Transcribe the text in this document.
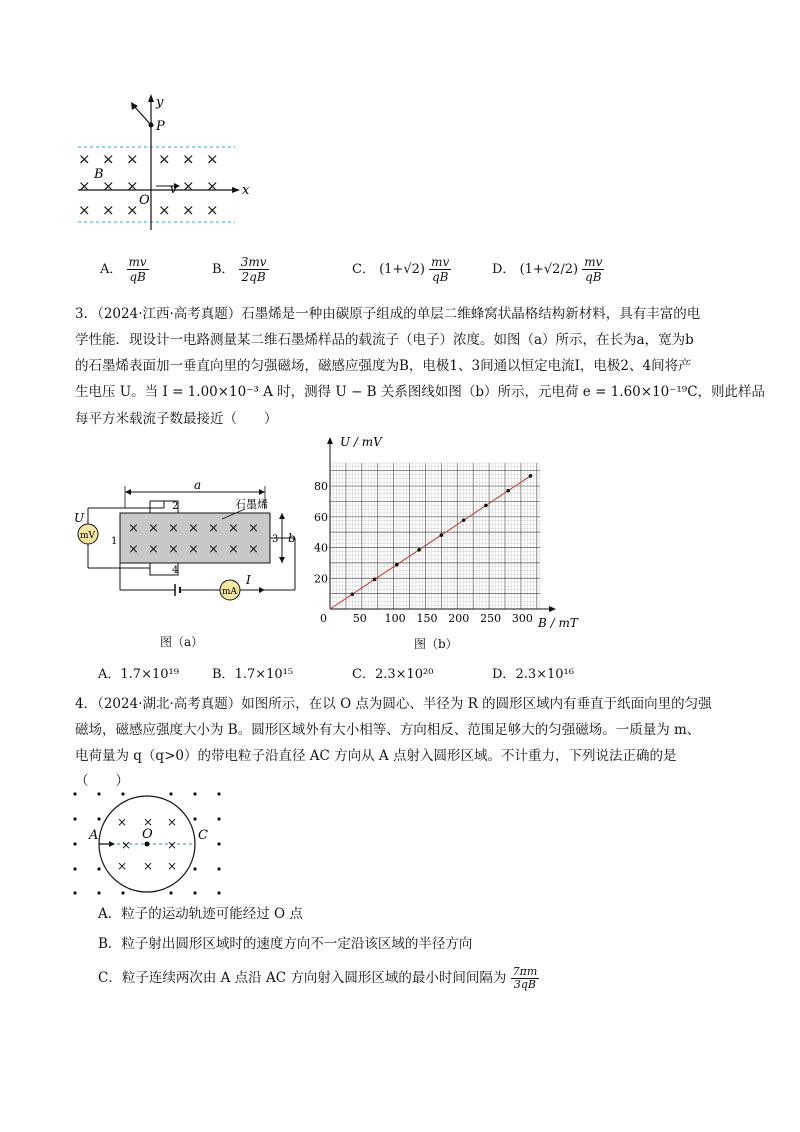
× × × × × ×
× × ×	× ×
× × × × × ×
y
P
B
O
v	x
A． $\frac{mv}{qB}$	B． $\frac{3mv}{2qB}$	C． $(1+√2) \frac{mv}{qB}$	D． $(1+√2/2) \frac{mv}{qB}$
3．（2024·江西·高考真题）石墨烯是一种由碳原子组成的单层二维蜂窝状晶格结构新材料，具有丰富的电
学性能．现设计一电路测量某二维石墨烯样品的载流子（电子）浓度。如图（a）所示，在长为a，宽为b
的石墨烯表面加一垂直向里的匀强磁场，磁感应强度为B，电极1、3间通以恒定电流I，电极2、4间将产
生电压 U。当 I = 1.00×10⁻³ A 时，测得 U − B 关系图线如图（b）所示，元电荷 e = 1.60×10⁻¹⁹C，则此样品
每平方米载流子数最接近（　　）
× × × × × × ×
× × × × × × ×
a
石墨烯
b
U
mV
mA
I
1
2
3
4
图（a）
0 50 100 150 200 250 300
20
40
60
80
U / mV
B / mT
图（b）
A．1.7×10¹⁹	B．1.7×10¹⁵	C．2.3×10²⁰	D．2.3×10¹⁶
4．（2024·湖北·高考真题）如图所示，在以 O 点为圆心、半径为 R 的圆形区域内有垂直于纸面向里的匀强
磁场，磁感应强度大小为 B。圆形区域外有大小相等、方向相反、范围足够大的匀强磁场。一质量为 m、
电荷量为 q（q>0）的带电粒子沿直径 AC 方向从 A 点射入圆形区域。不计重力，下列说法正确的是
（　　）
× × ×
×	×
× × ×
A	O	C
A．粒子的运动轨迹可能经过 O 点
B．粒子射出圆形区域时的速度方向不一定沿该区域的半径方向
C．粒子连续两次由 A 点沿 AC 方向射入圆形区域的最小时间间隔为 $\frac{7\pi m}{3qB}$
